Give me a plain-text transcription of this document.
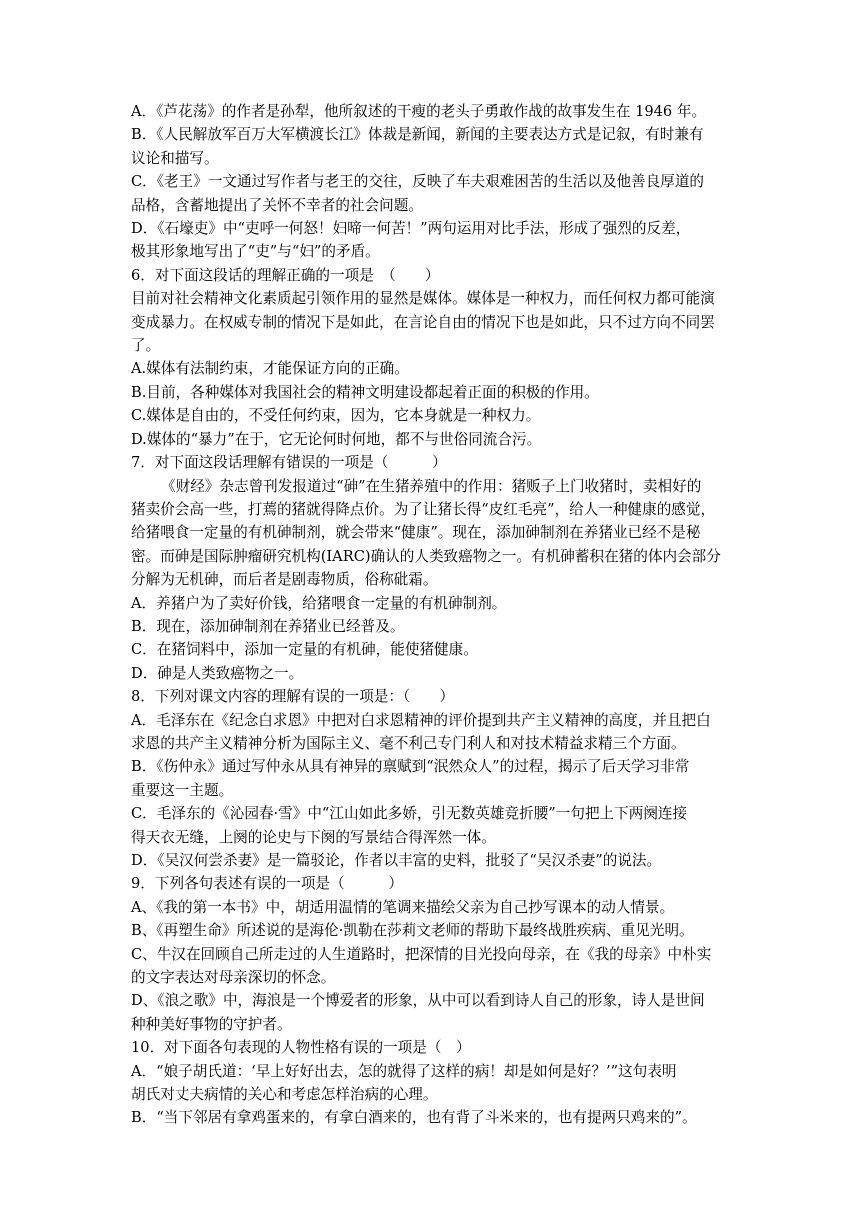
A．《芦花荡》的作者是孙犁，他所叙述的干瘦的老头子勇敢作战的故事发生在 1946 年。
B．《人民解放军百万大军横渡长江》体裁是新闻，新闻的主要表达方式是记叙，有时兼有
议论和描写。
C．《老王》一文通过写作者与老王的交往，反映了车夫艰难困苦的生活以及他善良厚道的
品格，含蓄地提出了关怀不幸者的社会问题。
D．《石壕吏》中“吏呼一何怒！妇啼一何苦！”两句运用对比手法，形成了强烈的反差，
极其形象地写出了“吏”与“妇”的矛盾。
6．对下面这段话的理解正确的一项是　（　　）
目前对社会精神文化素质起引领作用的显然是媒体。媒体是一种权力，而任何权力都可能演
变成暴力。在权威专制的情况下是如此，在言论自由的情况下也是如此，只不过方向不同罢
了。
A.媒体有法制约束，才能保证方向的正确。
B.目前，各种媒体对我国社会的精神文明建设都起着正面的积极的作用。
C.媒体是自由的，不受任何约束，因为，它本身就是一种权力。
D.媒体的“暴力”在于，它无论何时何地，都不与世俗同流合污。
7．对下面这段话理解有错误的一项是（　　　）
《财经》杂志曾刊发报道过“砷”在生猪养殖中的作用：猪贩子上门收猪时，卖相好的
猪卖价会高一些，打蔫的猪就得降点价。为了让猪长得“皮红毛亮”，给人一种健康的感觉，
给猪喂食一定量的有机砷制剂，就会带来“健康”。现在，添加砷制剂在养猪业已经不是秘
密。而砷是国际肿瘤研究机构(IARC)确认的人类致癌物之一。有机砷蓄积在猪的体内会部分
分解为无机砷，而后者是剧毒物质，俗称砒霜。
A．养猪户为了卖好价钱，给猪喂食一定量的有机砷制剂。
B．现在，添加砷制剂在养猪业已经普及。
C．在猪饲料中，添加一定量的有机砷，能使猪健康。
D．砷是人类致癌物之一。
8．下列对课文内容的理解有误的一项是：（　　）
A．毛泽东在《纪念白求恩》中把对白求恩精神的评价提到共产主义精神的高度，并且把白
求恩的共产主义精神分析为国际主义、毫不利己专门利人和对技术精益求精三个方面。
B．《伤仲永》通过写仲永从具有神异的禀赋到“泯然众人”的过程，揭示了后天学习非常
重要这一主题。
C．毛泽东的《沁园春·雪》中“江山如此多娇，引无数英雄竞折腰”一句把上下两阕连接
得天衣无缝，上阕的论史与下阕的写景结合得浑然一体。
D．《吴汉何尝杀妻》是一篇驳论，作者以丰富的史料，批驳了“吴汉杀妻”的说法。
9．下列各句表述有误的一项是（　　　）
A、《我的第一本书》中，胡适用温情的笔调来描绘父亲为自己抄写课本的动人情景。
B、《再塑生命》所述说的是海伦·凯勒在莎莉文老师的帮助下最终战胜疾病、重见光明。
C、牛汉在回顾自己所走过的人生道路时，把深情的目光投向母亲，在《我的母亲》中朴实
的文字表达对母亲深切的怀念。
D、《浪之歌》中，海浪是一个博爱者的形象，从中可以看到诗人自己的形象，诗人是世间
种种美好事物的守护者。
10．对下面各句表现的人物性格有误的一项是（　）
A．“娘子胡氏道：‘早上好好出去，怎的就得了这样的病！却是如何是好？’”这句表明
胡氏对丈夫病情的关心和考虑怎样治病的心理。
B．“当下邻居有拿鸡蛋来的，有拿白酒来的，也有背了斗米来的，也有提两只鸡来的”。
